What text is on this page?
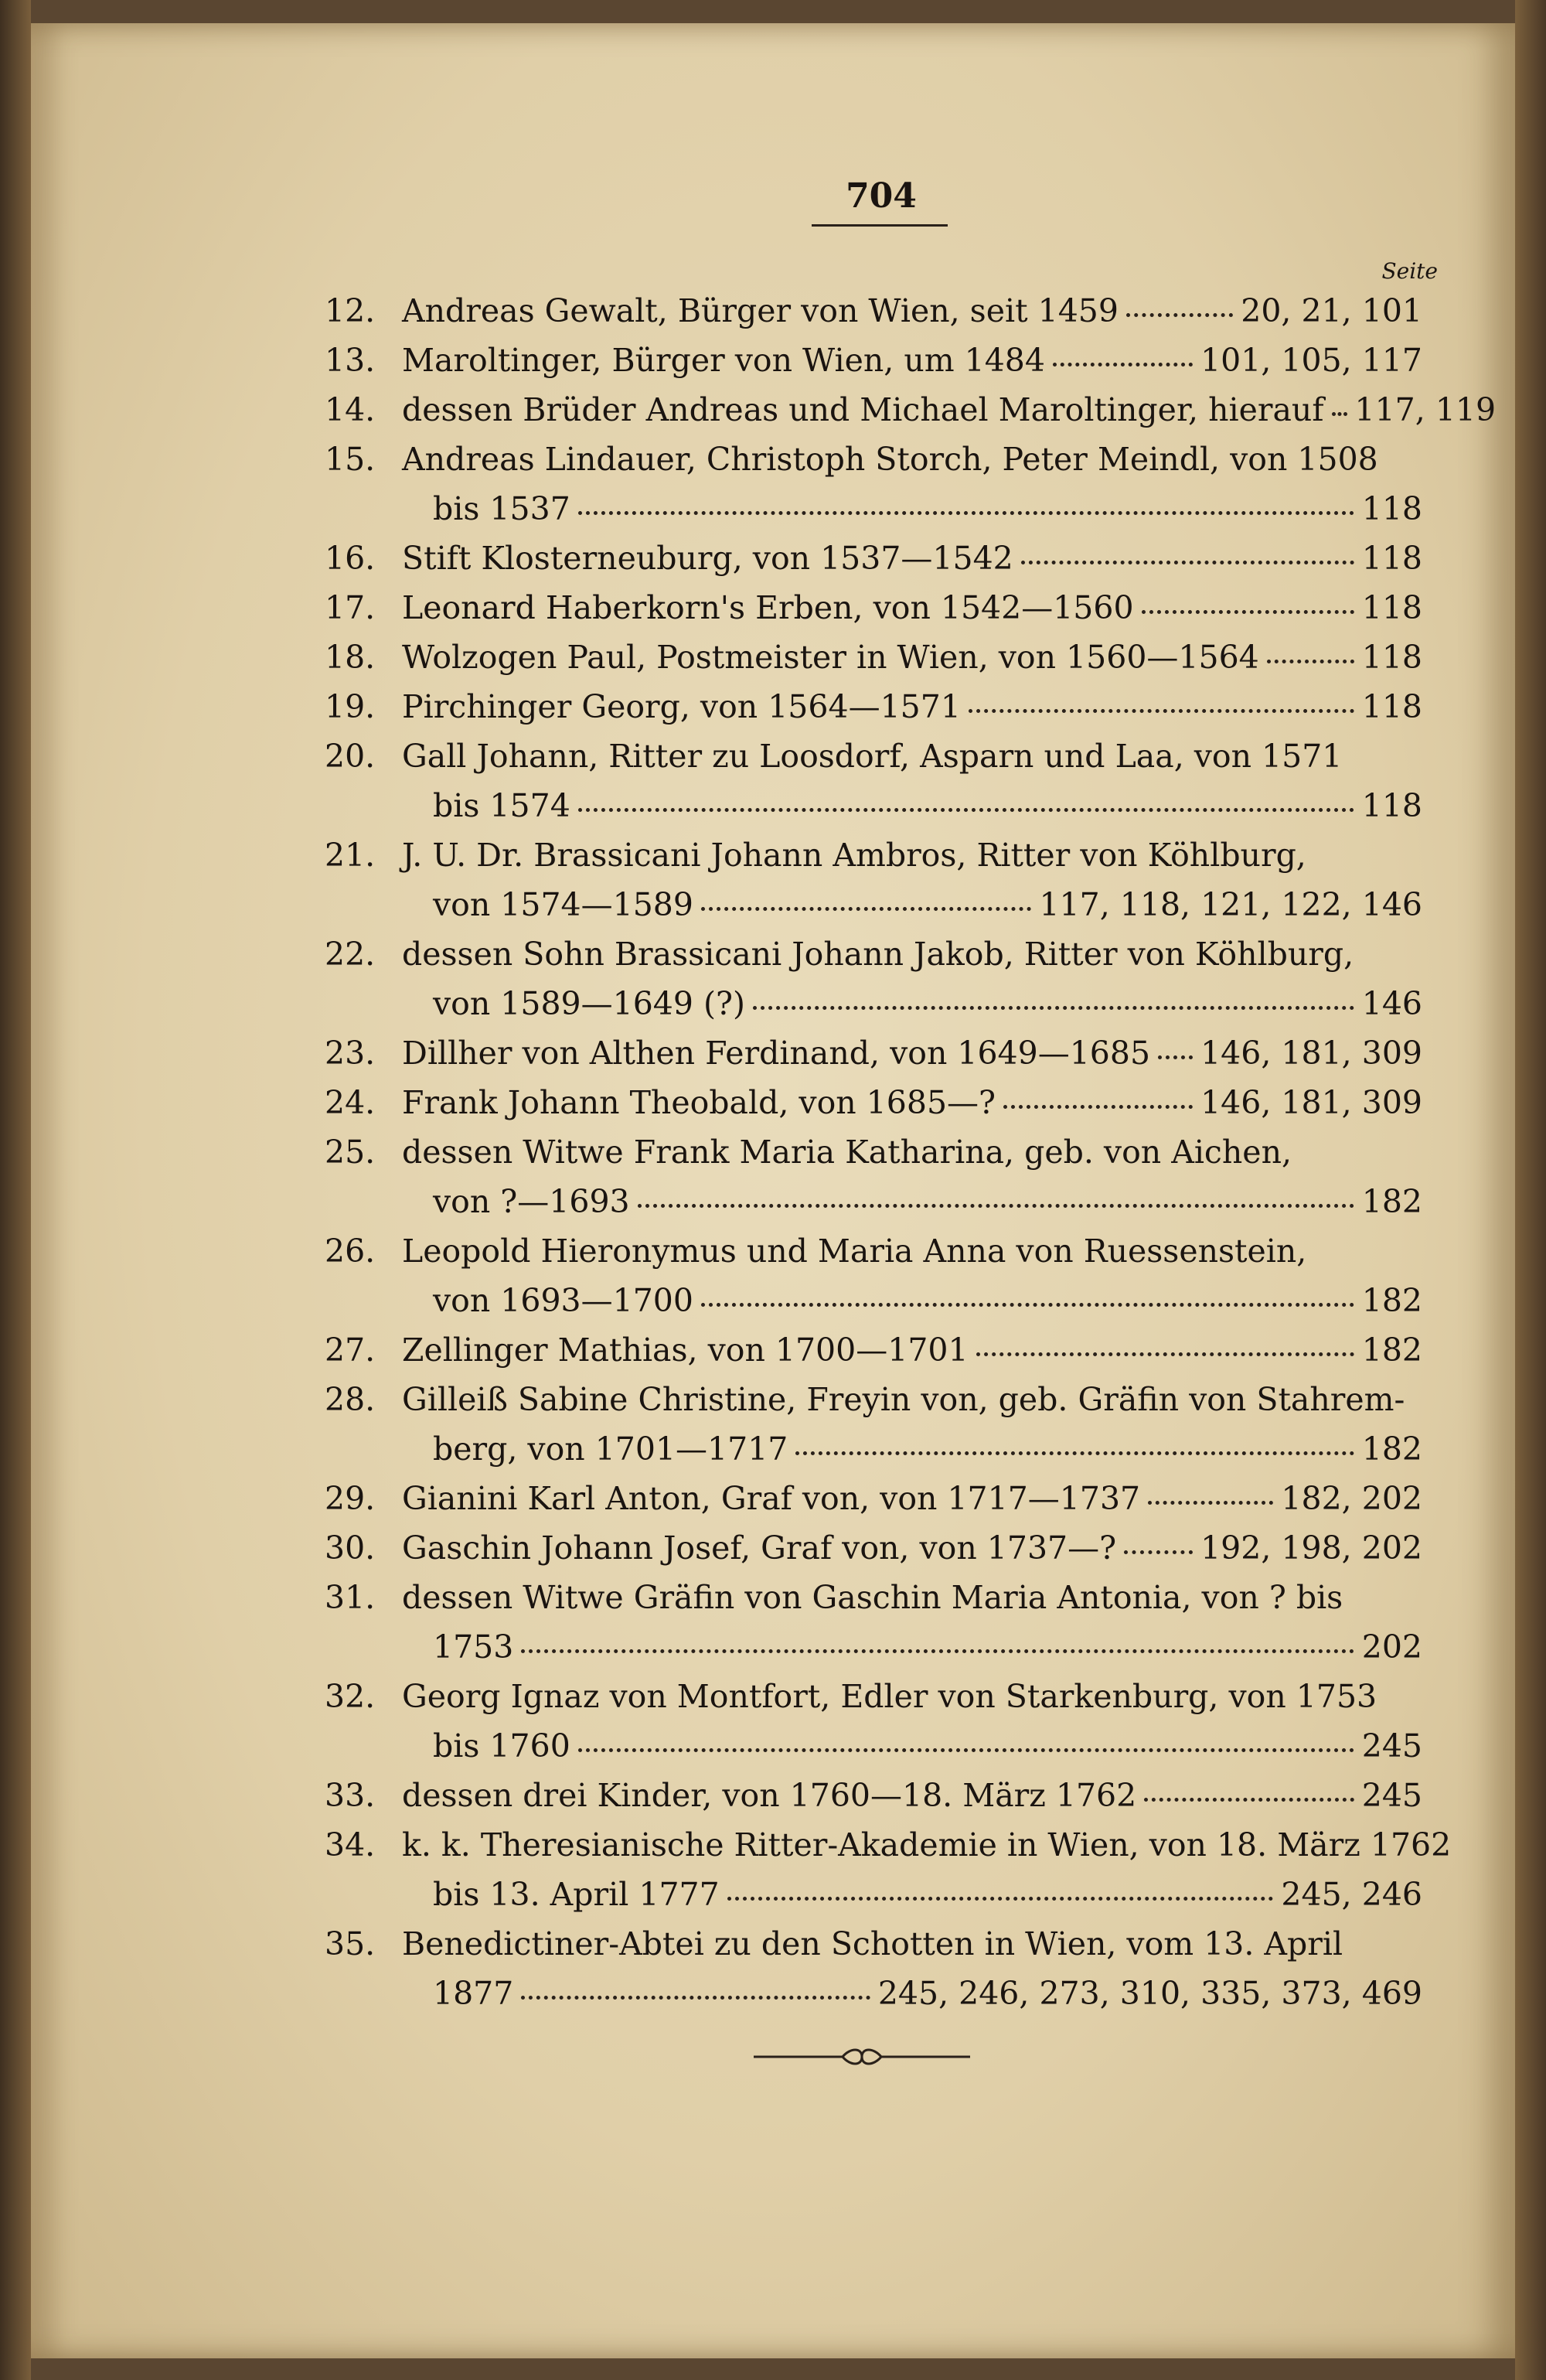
704
Seite
12. Andreas Gewalt, Bürger von Wien, seit 1459	20, 21, 101
13. Maroltinger, Bürger von Wien, um 1484	101, 105, 117
14. dessen Brüder Andreas und Michael Maroltinger, hierauf 117, 119
15. Andreas Lindauer, Christoph Storch, Peter Meindl, von 1508
bis 1537	118
16. Stift Klosterneuburg, von 1537—1542	118
17. Leonard Haberkorn's Erben, von 1542—1560	118
18. Wolzogen Paul, Postmeister in Wien, von 1560—1564	118
19. Pirchinger Georg, von 1564—1571	118
20. Gall Johann, Ritter zu Loosdorf, Asparn und Laa, von 1571
bis 1574	118
21. J. U. Dr. Brassicani Johann Ambros, Ritter von Köhlburg,
von 1574—1589	117, 118, 121, 122, 146
22. dessen Sohn Brassicani Johann Jakob, Ritter von Köhlburg,
von 1589—1649 (?)	146
23. Dillher von Althen Ferdinand, von 1649—1685 146, 181, 309
24. Frank Johann Theobald, von 1685—?	146, 181, 309
25. dessen Witwe Frank Maria Katharina, geb. von Aichen,
von ?—1693	182
26. Leopold Hieronymus und Maria Anna von Ruessenstein,
von 1693—1700	182
27. Zellinger Mathias, von 1700—1701	182
28. Gilleiß Sabine Christine, Freyin von, geb. Gräfin von Stahrem-
berg, von 1701—1717	182
29. Gianini Karl Anton, Graf von, von 1717—1737	182, 202
30. Gaschin Johann Josef, Graf von, von 1737—?	192, 198, 202
31. dessen Witwe Gräfin von Gaschin Maria Antonia, von ? bis
1753	202
32. Georg Ignaz von Montfort, Edler von Starkenburg, von 1753
bis 1760	245
33. dessen drei Kinder, von 1760—18. März 1762	245
34. k. k. Theresianische Ritter-Akademie in Wien, von 18. März 1762
bis 13. April 1777	245, 246
35. Benedictiner-Abtei zu den Schotten in Wien, vom 13. April
1877	245, 246, 273, 310, 335, 373, 469
